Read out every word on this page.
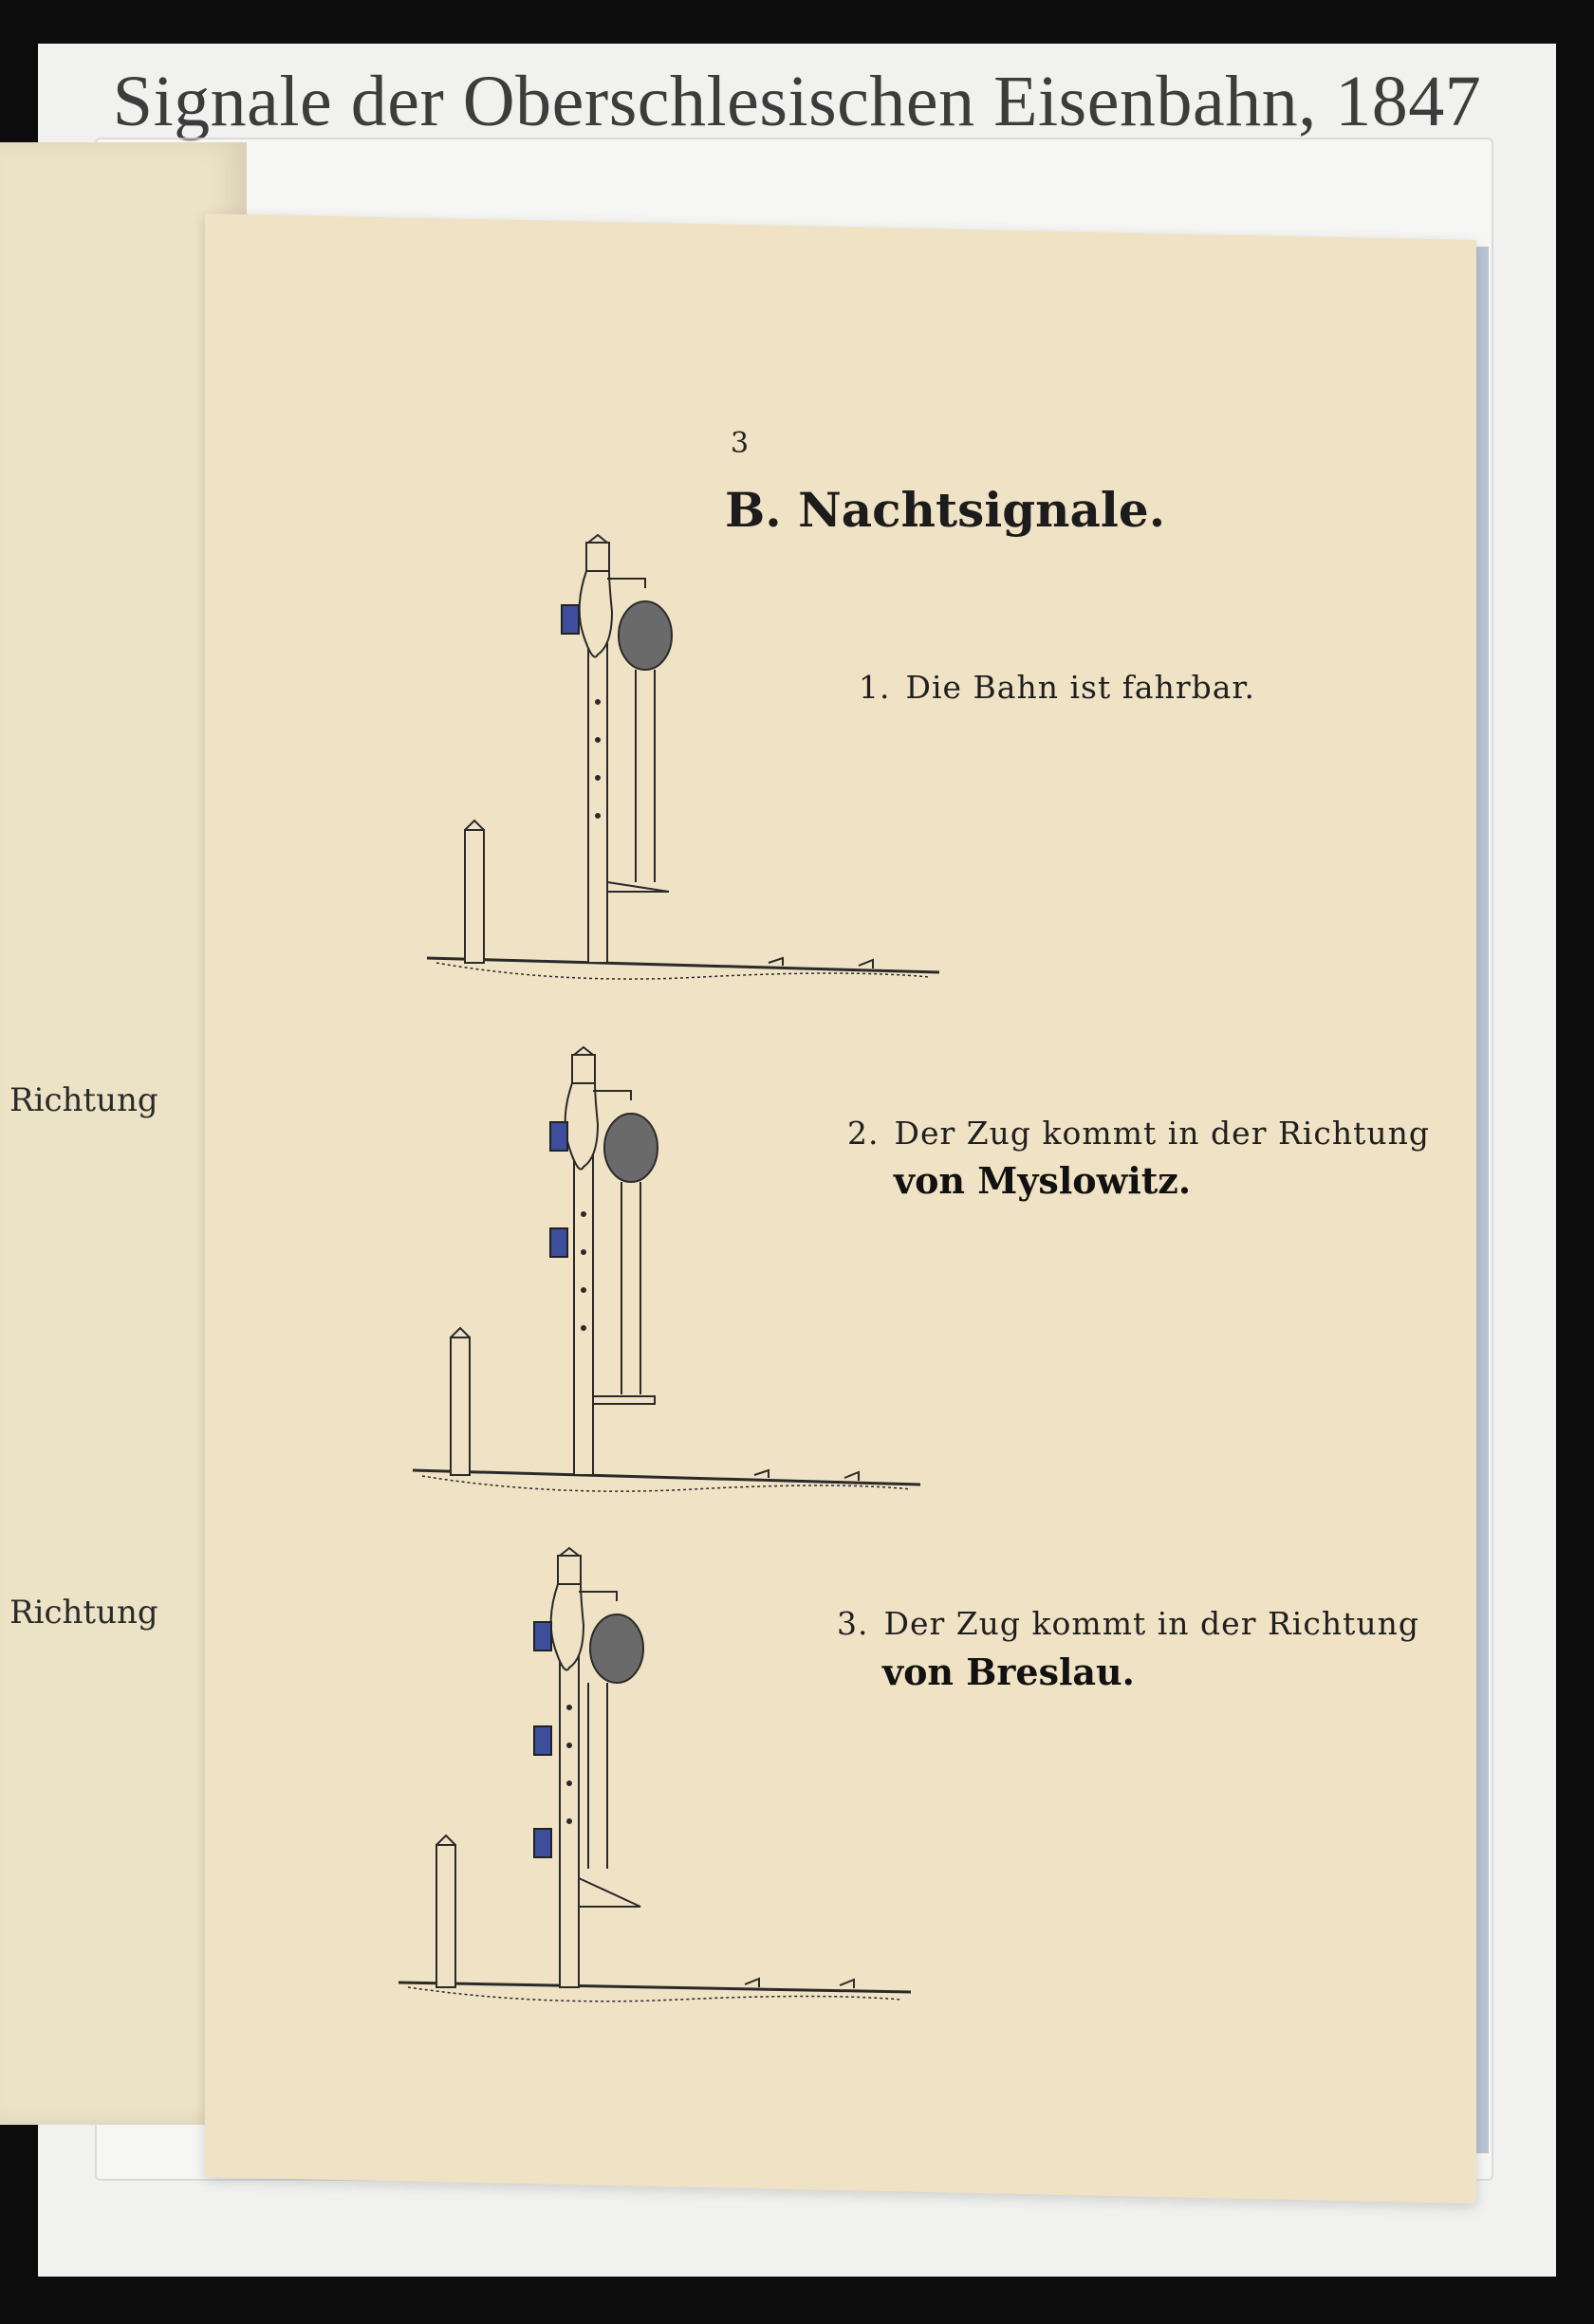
Signale der Oberschlesischen Eisenbahn, 1847
Richtung
Richtung
3
B. Nachtsignale.
1. Die Bahn ist fahrbar.
2. Der Zug kommt in der Richtung
von Myslowitz.
3. Der Zug kommt in der Richtung
von Breslau.
